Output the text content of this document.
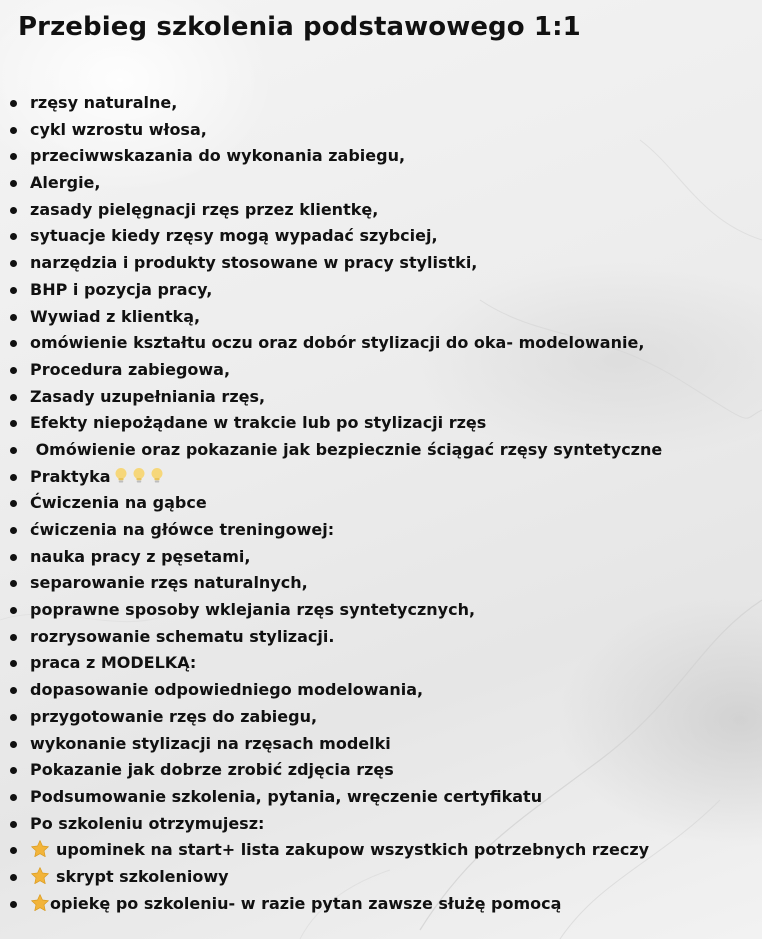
Przebieg szkolenia podstawowego 1:1
rzęsy naturalne,
cykl wzrostu włosa,
przeciwwskazania do wykonania zabiegu,
Alergie,
zasady pielęgnacji rzęs przez klientkę,
sytuacje kiedy rzęsy mogą wypadać szybciej,
narzędzia i produkty stosowane w pracy stylistki,
BHP i pozycja pracy,
Wywiad z klientką,
omówienie kształtu oczu oraz dobór stylizacji do oka- modelowanie,
Procedura zabiegowa,
Zasady uzupełniania rzęs,
Efekty niepożądane w trakcie lub po stylizacji rzęs
Omówienie oraz pokazanie jak bezpiecznie ściągać rzęsy syntetyczne
Praktyka
Ćwiczenia na gąbce
ćwiczenia na główce treningowej:
nauka pracy z pęsetami,
separowanie rzęs naturalnych,
poprawne sposoby wklejania rzęs syntetycznych,
rozrysowanie schematu stylizacji.
praca z MODELKĄ:
dopasowanie odpowiedniego modelowania,
przygotowanie rzęs do zabiegu,
wykonanie stylizacji na rzęsach modelki
Pokazanie jak dobrze zrobić zdjęcia rzęs
Podsumowanie szkolenia, pytania, wręczenie certyfikatu
Po szkoleniu otrzymujesz:
upominek na start+ lista zakupow wszystkich potrzebnych rzeczy
skrypt szkoleniowy
opiekę po szkoleniu- w razie pytan zawsze służę pomocą
